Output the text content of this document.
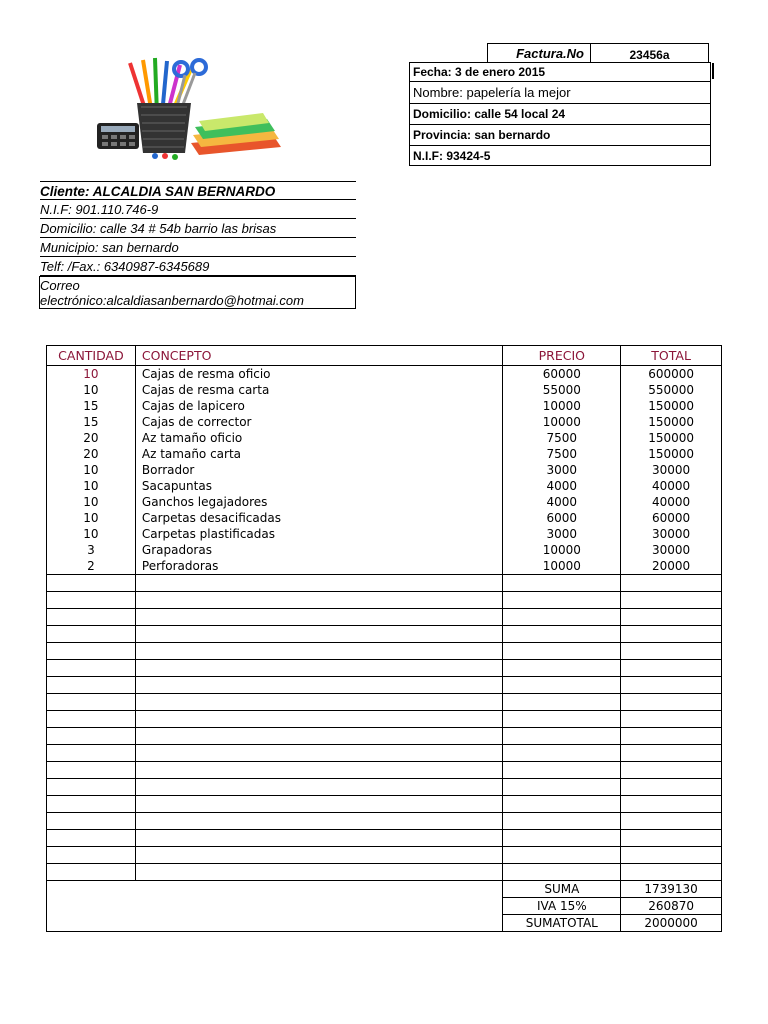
Factura.No	23456a
Fecha: 3 de enero 2015
Nombre: papelería la mejor
Domicilio: calle 54 local 24
Provincia: san bernardo
N.I.F: 93424-5
Cliente: ALCALDIA SAN BERNARDO
N.I.F: 901.110.746-9
Domicilio: calle 34 # 54b barrio las brisas
Municipio: san bernardo
Telf: /Fax.: 6340987-6345689
Correo
electrónico:alcaldiasanbernardo@hotmai.com
CANTIDAD	CONCEPTO	PRECIO	TOTAL
10	Cajas de resma oficio	60000	600000
10	Cajas de resma carta	55000	550000
15	Cajas de lapicero	10000	150000
15	Cajas de corrector	10000	150000
20	Az tamaño oficio	7500	150000
20	Az tamaño carta	7500	150000
10	Borrador	3000	30000
10	Sacapuntas	4000	40000
10	Ganchos legajadores	4000	40000
10	Carpetas desacificadas	6000	60000
10	Carpetas plastificadas	3000	30000
3	Grapadoras	10000	30000
2	Perforadoras	10000	20000

		SUMA	1739130
		IVA 15%	260870
		SUMATOTAL	2000000
